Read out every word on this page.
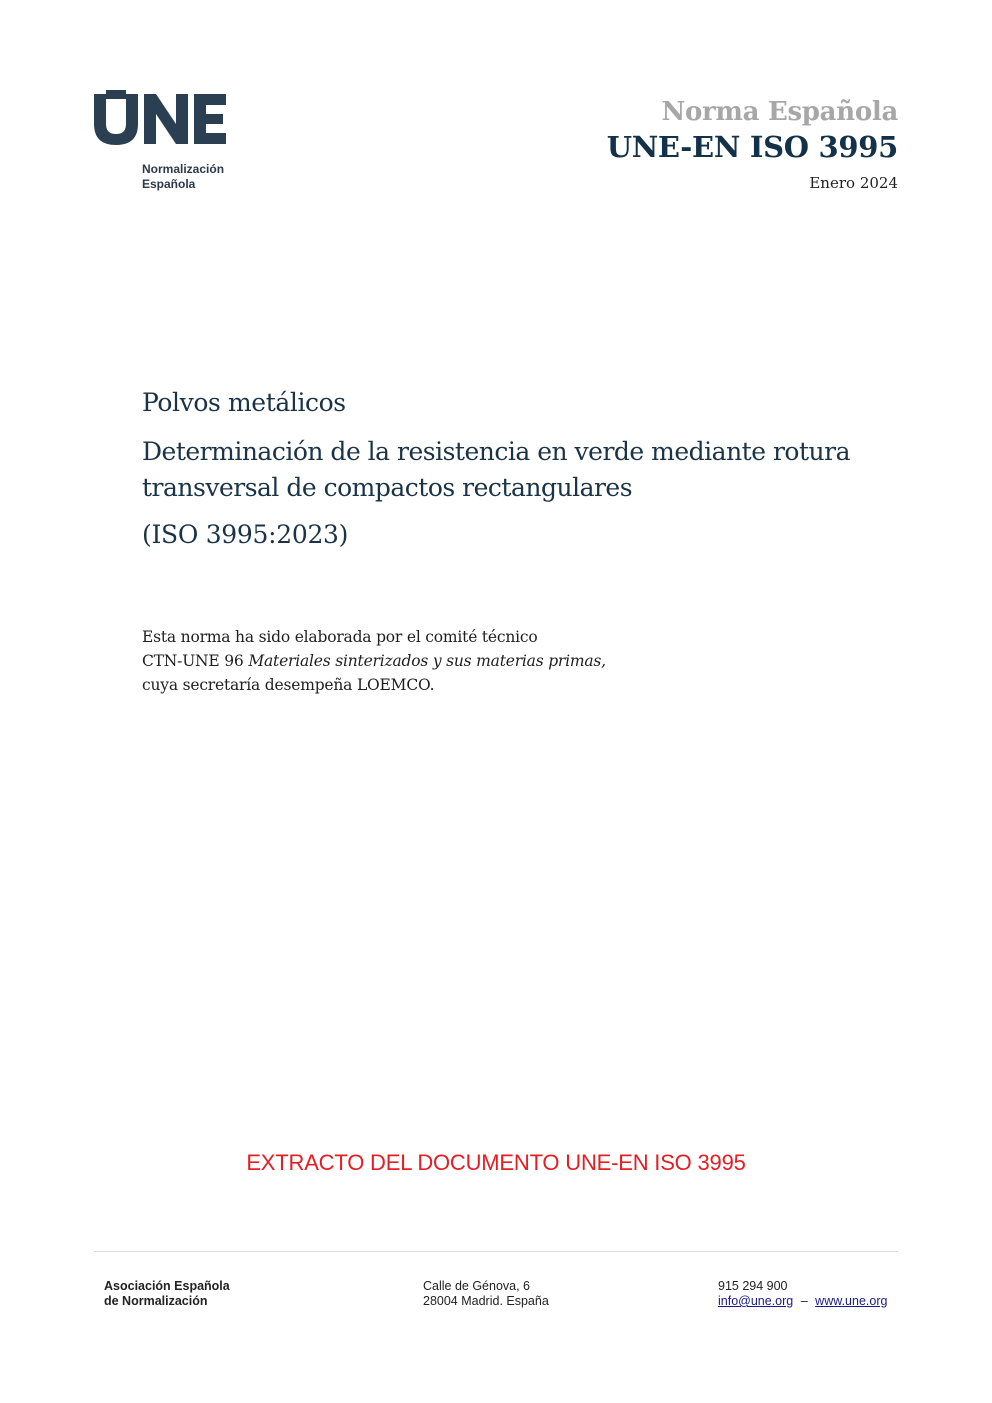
Normalización
Española
Norma Española
UNE-EN ISO 3995
Enero 2024
Polvos metálicos
Determinación de la resistencia en verde mediante rotura
transversal de compactos rectangulares
(ISO 3995:2023)
Esta norma ha sido elaborada por el comité técnico
CTN-UNE 96 Materiales sinterizados y sus materias primas,
cuya secretaría desempeña LOEMCO.
EXTRACTO DEL DOCUMENTO UNE-EN ISO 3995
Asociación Española
de Normalización
Calle de Génova, 6
28004 Madrid. España
915 294 900
info@une.org – www.une.org
